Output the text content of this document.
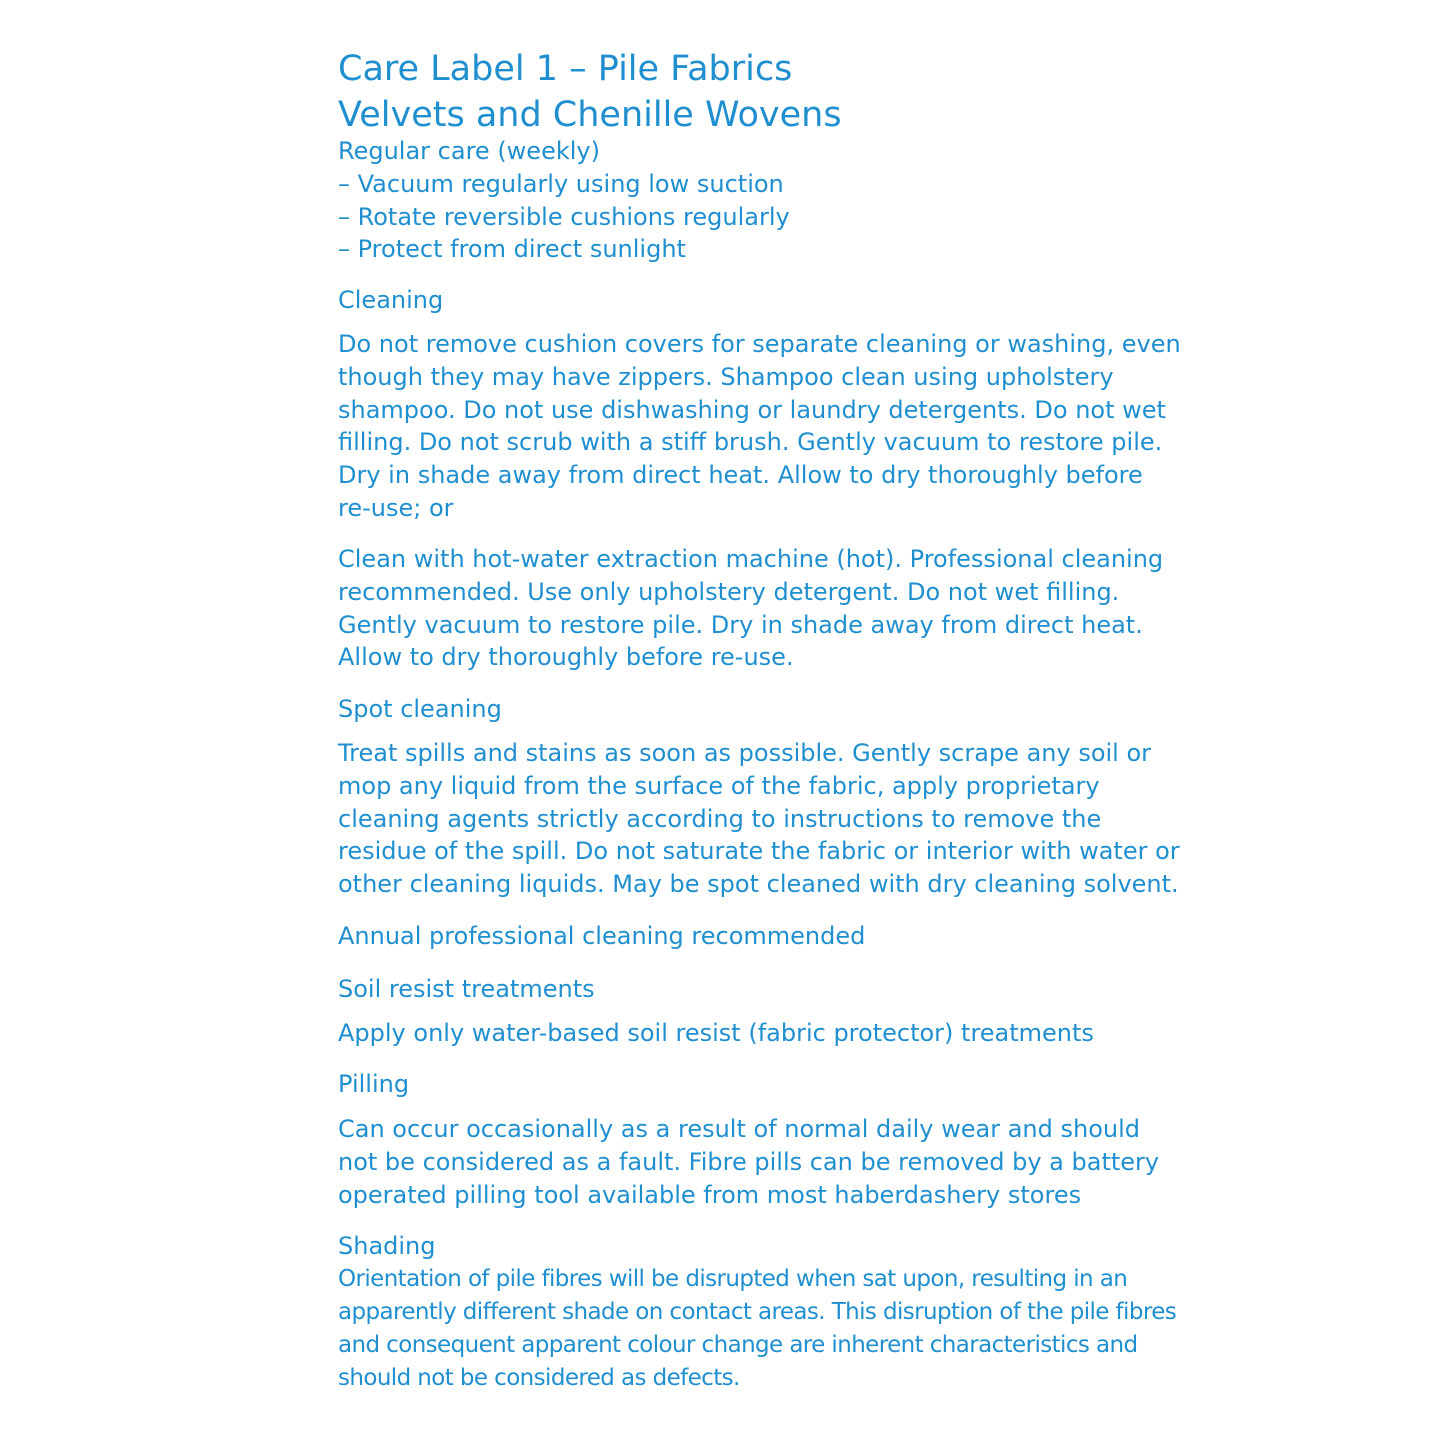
Care Label 1 – Pile Fabrics
Velvets and Chenille Wovens
Regular care (weekly)
– Vacuum regularly using low suction
– Rotate reversible cushions regularly
– Protect from direct sunlight
Cleaning
Do not remove cushion covers for separate cleaning or washing, even
though they may have zippers. Shampoo clean using upholstery
shampoo. Do not use dishwashing or laundry detergents. Do not wet
filling. Do not scrub with a stiff brush. Gently vacuum to restore pile.
Dry in shade away from direct heat. Allow to dry thoroughly before
re-use; or
Clean with hot-water extraction machine (hot). Professional cleaning
recommended. Use only upholstery detergent. Do not wet filling.
Gently vacuum to restore pile. Dry in shade away from direct heat.
Allow to dry thoroughly before re-use.
Spot cleaning
Treat spills and stains as soon as possible. Gently scrape any soil or
mop any liquid from the surface of the fabric, apply proprietary
cleaning agents strictly according to instructions to remove the
residue of the spill. Do not saturate the fabric or interior with water or
other cleaning liquids. May be spot cleaned with dry cleaning solvent.
Annual professional cleaning recommended
Soil resist treatments
Apply only water-based soil resist (fabric protector) treatments
Pilling
Can occur occasionally as a result of normal daily wear and should
not be considered as a fault. Fibre pills can be removed by a battery
operated pilling tool available from most haberdashery stores
Shading
Orientation of pile fibres will be disrupted when sat upon, resulting in an
apparently different shade on contact areas. This disruption of the pile fibres
and consequent apparent colour change are inherent characteristics and
should not be considered as defects.
